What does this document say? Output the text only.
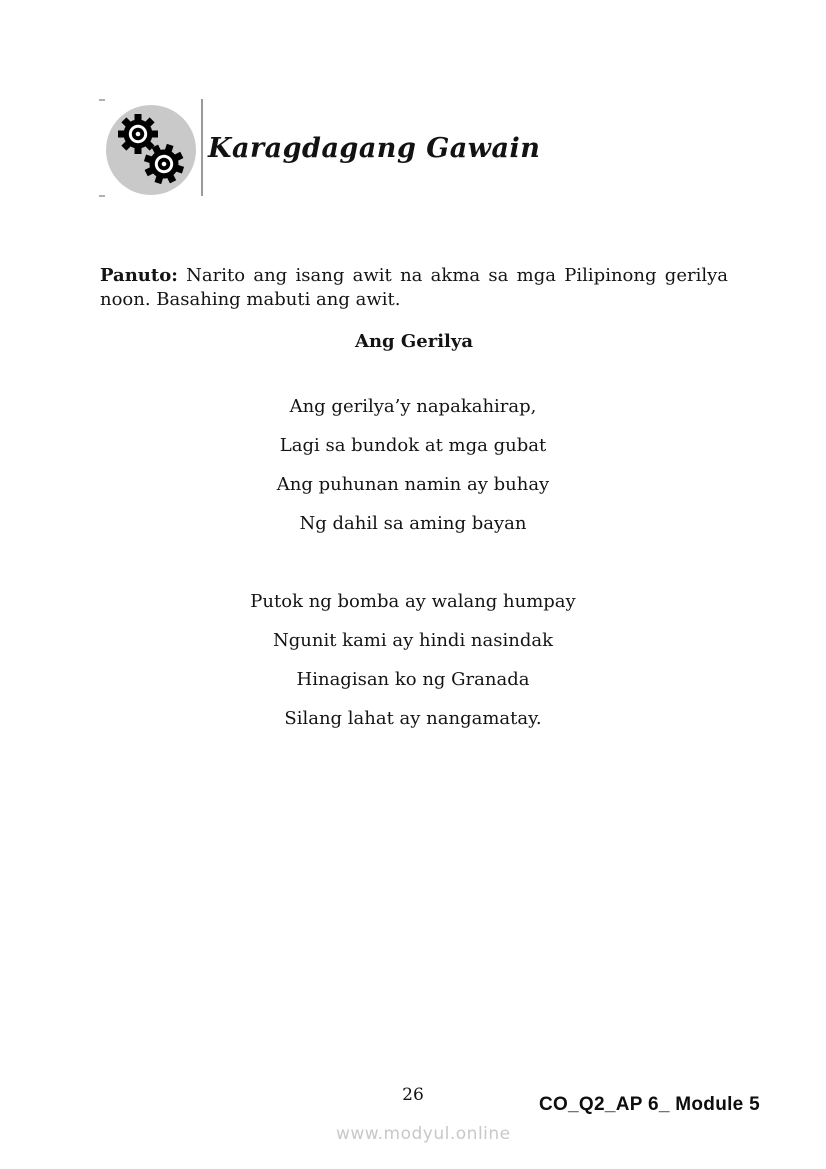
Karagdagang Gawain

Panuto: Narito ang isang awit na akma sa mga Pilipinong gerilya noon. Basahing mabuti ang awit.

Ang Gerilya
Ang gerilya’y napakahirap,
Lagi sa bundok at mga gubat
Ang puhunan namin ay buhay
Ng dahil sa aming bayan
Putok ng bomba ay walang humpay
Ngunit kami ay hindi nasindak
Hinagisan ko ng Granada
Silang lahat ay nangamatay.
26	CO_Q2_AP 6_ Module 5
www.modyul.online
